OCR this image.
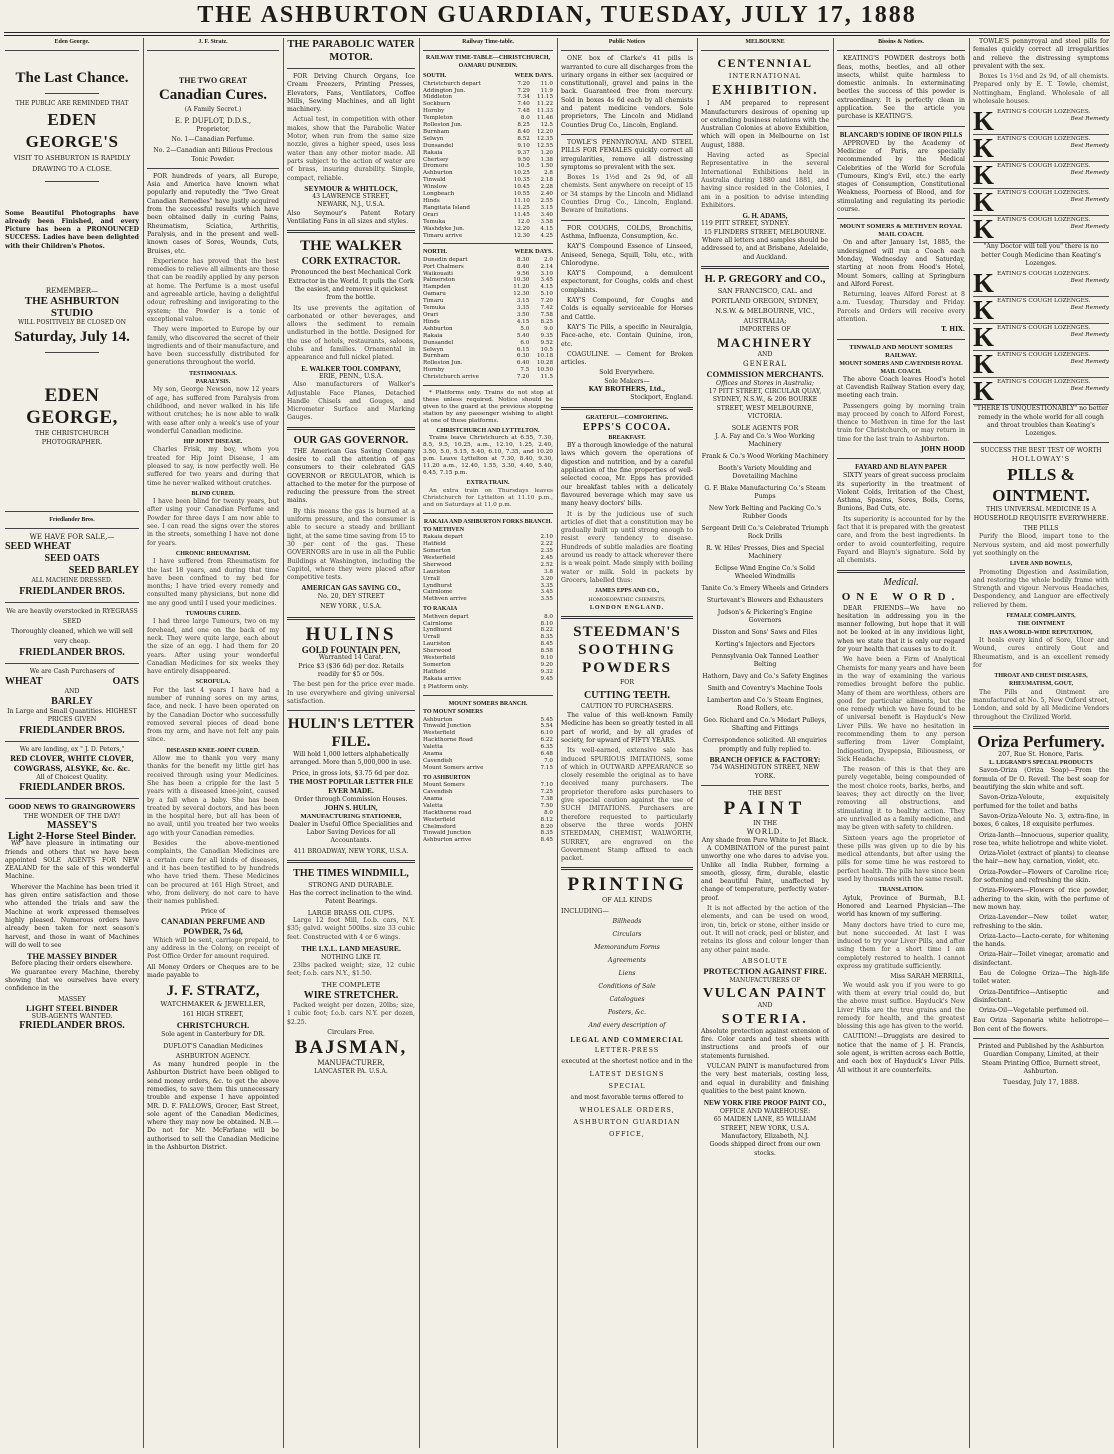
THE ASHBURTON GUARDIAN, TUESDAY, JULY 17, 1888
Eden George.
The Last Chance.
THE PUBLIC ARE REMINDED THAT
EDEN GEORGE'S
VISIT TO ASHBURTON IS RAPIDLY DRAWING TO A CLOSE.

Some Beautiful Photographs have already been Finished, and every Picture has been a PRONOUNCED SUCCESS. Ladies have been delighted with their Children's Photos.

REMEMBER—
THE ASHBURTON STUDIO
WILL POSITIVELY BE CLOSED ON
Saturday, July 14.
EDEN GEORGE,
THE CHRISTCHURCH PHOTOGRAPHER.
Friedlander Bros.
WE HAVE FOR SALE,—
SEED WHEAT
SEED OATS
SEED BARLEY
ALL MACHINE DRESSED.
FRIEDLANDER BROS.
We are heavily overstocked in RYEGRASS SEED
Thoroughly cleaned, which we will sell very cheap.
FRIEDLANDER BROS.
We are Cash Purchasers of
WHEAT	OATS
AND
BARLEY
In Large and Small Quantities. HIGHEST PRICES GIVEN
FRIEDLANDER BROS.
We are landing, ex " J. D. Peters,"
RED CLOVER, WHITE CLOVER, COWGRASS, ALSYKE, &c. &c.
All of Choicest Quality.
FRIEDLANDER BROS.
GOOD NEWS TO GRAINGROWERS
THE WONDER OF THE DAY!
MASSEY'S
Light 2-Horse Steel Binder.

We have pleasure in intimating our friends and others that we have been appointed SOLE AGENTS FOR NEW ZEALAND for the sale of this wonderful Machine.

Wherever the Machine has been tried it has given entire satisfaction and those who attended the trials and saw the Machine at work expressed themselves highly pleased. Numerous orders have already been taken for next season's harvest, and those in want of Machines will do well to see

THE MASSEY BINDER
Before placing their orders elsewhere.

We guarantee every Machine, thereby showing that we ourselves have every confidence in the

MASSEY
LIGHT STEEL BINDER
SUB-AGENTS WANTED.
FRIEDLANDER BROS.
J. F. Stratz.
THE TWO GREAT
Canadian Cures.
(A Family Secret.)
E. P. DUFLOT, D.D.S.,
Proprietor,
No. 1—Canadian Perfume.
No. 2—Canadian anti Bilious Precious Tonic Powder.

FOR hundreds of years, all Europe, Asia and America have known what popularly and reputedly the "Two Great Canadian Remedies" have justly acquired from the successful results which have been obtained daily in curing Pains, Rheumatism, Sciatica, Arthritis, Paralysis, and in the present and well-known cases of Sores, Wounds, Cuts, Bruises, etc.

Experience has proved that the best remedies to relieve all ailments are those that can be readily applied by any person at home. The Perfume is a most useful and agreeable article, having a delightful odour, refreshing and invigorating to the system; the Powder is a tonic of exceptional value.

They were imported to Europe by our family, who discovered the secret of their ingredients and of their manufacture, and have been successfully distributed for generations throughout the world.

TESTIMONIALS.
PARALYSIS.

My son, George Newson, now 12 years of age, has suffered from Paralysis from childhood, and never walked in his life without crutches; he is now able to walk with ease after only a week's use of your wonderful Canadian medicine.

HIP JOINT DISEASE.

Charles Frisk, my boy, whom you treated for Hip Joint Disease, I am pleased to say, is now perfectly well. He suffered for two years and during that time he never walked without crutches.

BLIND CURED.

I have been blind for twenty years, but after using your Canadian Perfume and Powder for three days I am now able to see. I can read the signs over the stores in the streets, something I have not done for years.

CHRONIC RHEUMATISM.

I have suffered from Rheumatism for the last 18 years, and during that time have been confined to my bed for months; I have tried every remedy and consulted many physicians, but none did me any good until I used your medicines.

TUMOURS CURED.

I had three large Tumours, two on my forehead, and one on the back of my neck. They were quite large, each about the size of an egg. I had them for 20 years. After using your wonderful Canadian Medicines for six weeks they have entirely disappeared.

SCROFULA.

For the last 4 years I have had a number of running sores on my arms, face, and neck. I have been operated on by the Canadian Doctor who successfully removed several pieces of dead bone from my arm, and have not felt any pain since.

DISEASED KNEE-JOINT CURED.

Allow me to thank you very many thanks for the benefit my little girl has received through using your Medicines. She has been a cripple for the last 5 years with a diseased knee-joint, caused by a fall when a baby. She has been treated by several doctors, and has been in the hospital here, but all has been of no avail, until you treated her two weeks ago with your Canadian remedies.

Besides the above-mentioned complaints, the Canadian Medicines are a certain cure for all kinds of diseases, and it has been testified to by hundreds who have tried them. These Medicines can be procured at 161 High Street, and who, from delivery, do not care to have their names published.

Price of
CANADIAN PERFUME AND POWDER, 7s 6d,

Which will be sent, carriage prepaid, to any address in the Colony, on receipt of Post Office Order for amount required.

All Money Orders or Cheques are to be made payable to

J. F. STRATZ,
WATCHMAKER & JEWELLER,
161 HIGH STREET,
CHRISTCHURCH.
Sole agent in Canterbury for DR. DUFLOT'S Canadian Medicines
ASHBURTON AGENCY.

As many hundred people in the Ashburton District have been obliged to send money orders, &c. to get the above remedies, to save them this unnecessary trouble and expense I have appointed MR. D. F. FALLOWS, Grocer, East Street, sole agent of the Canadian Medicines, where they may now be obtained. N.B.—Do not for Mr. McFarlane will be authorised to sell the Canadian Medicine in the Ashburton District.

THE PARABOLIC WATER MOTOR.

FOR Driving Church Organs, Ice Cream Freezers, Printing Presses, Elevators, Fans, Ventilators, Coffee Mills, Sewing Machines, and all light machinery.

Actual test, in competition with other makes, show that the Parabolic Water Motor, when run from the same size nozzle, gives a higher speed, uses less water than any other motor made. All parts subject to the action of water are of brass, insuring durability. Simple, compact, reliable.

SEYMOUR & WHITLOCK,
43 LAWRENCE STREET,
NEWARK, N.J., U.S.A.

Also Seymour's Patent Rotary Ventilating Fans in all sizes and styles.

THE WALKER
CORK EXTRACTOR.

Pronounced the best Mechanical Cork Extractor in the World. It pulls the Cork the easiest, and removes it quickest from the bottle.

Its use prevents the agitation of carbonated or other beverages, and allows the sediment to remain undisturbed in the bottle. Designed for the use of hotels, restaurants, saloons, clubs and families. Ornamental in appearance and full nickel plated.

E. WALKER TOOL COMPANY,
ERIE, PENN., U.S.A.

Also manufacturers of Walker's Adjustable Face Planes, Detached Handle Chisels and Gouges, and Micrometer Surface and Marking Gauges.

OUR GAS GOVERNOR.

THE American Gas Saving Company desire to call the attention of gas consumers to their celebrated GAS GOVERNOR or REGULATOR, which is attached to the meter for the purpose of reducing the pressure from the street mains.

By this means the gas is burned at a uniform pressure, and the consumer is able to secure a steady and brilliant light, at the same time saving from 15 to 30 per cent of the gas. These GOVERNORS are in use in all the Public Buildings at Washington, including the Capitol, where they were placed after competitive tests.

AMERICAN GAS SAVING CO.,
No. 20, DEY STREET
NEW YORK , U.S.A.
HULINS
GOLD FOUNTAIN PEN,
Warranted 14 Carat.

Price $3 ($36 6d) per doz. Retails readily for $5 or 50s.

The best pen for the price ever made. In use everywhere and giving universal satisfaction.

HULIN'S LETTER FILE.

Will hold 1,000 letters alphabetically arranged. More than 5,000,000 in use.

Price, in gross lots, $3.75 6d per doz.
THE MOST POPULAR LETTER FILE EVER MADE.
Order through Commission Houses.
JOHN S. HULIN,
MANUFACTURING STATIONER,

Dealer in Useful Office Specialities and Labor Saving Devices for all Accountants.

411 BROADWAY, NEW YORK, U.S.A.
THE TIMES WINDMILL,
STRONG AND DURABLE.

Has the correct inclination to the wind. Patent Bearings.

LARGE BRASS OIL CUPS.

Large 12 foot Mill, f.o.b. cars, N.Y. $35; galvd. weight 500lbs. size 33 cubic feet. Constructed with 4 or 6 wings.

THE I.X.L. LAND MEASURE.
NOTHING LIKE IT.

23lbs packed weight; size, 12 cubic feet; f.o.b. cars N.Y., $1.50.

THE COMPLETE
WIRE STRETCHER.

Packed weight per dozen, 20lbs; size, 1 cubic foot; f.o.b. cars N.Y. per dozen, $2.25.

Circulars Free.
BAJSMAN,
MANUFACTURER,
LANCASTER PA. U.S.A.
Railway Time-table.
RAILWAY TIME-TABLE—CHRISTCHURCH, OAMARU DUNEDIN.
SOUTH.	WEEK DAYS.
Christchurch depart	7.20	11.0
Addington Jun.	7.29	11.9
Middleton	7.34	11.15
Sockburn	7.40	11.22
Hornby	7.48	11.33
Templeton	8.0	11.46
Rolleston Jun.	8.25	12.5
Burnham	8.40	12.20
Selwyn	8.52	12.35
Dunsandel	9.10	12.55
Rakaia	9.37	1.20
Chertsey	9.50	1.38
Dromore	10.5	1.50
Ashburton	10.25	2.8
Tinwald	10.35	2.18
Winslow	10.45	2.28
Longbeach	10.55	2.40
Hinds	11.10	2.55
Rangitata Island	11.25	3.15
Orari	11.45	3.40
Temuka	12.0	3.58
Washdyke Jun.	12.20	4.15
Timaru arrive	12.30	4.25
NORTH.	WEEK DAYS.
Dunedin depart	8.30	2.0
Port Chalmers	8.40	2.14
Waikouaiti	9.56	3.10
Palmerston	10.30	3.45
Hampden	11.20	4.15
Oamaru	12.30	5.10
Timaru	3.15	7.20
Temuka	3.35	7.42
Orari	3.50	7.58
Hinds	4.15	8.25
Ashburton	5.0	9.0
Rakaia	5.40	9.35
Dunsandel	6.0	9.52
Selwyn	6.15	10.5
Burnham	6.30	10.18
Rolleston Jun.	6.40	10.28
Hornby	7.5	10.50
Christchurch arrive	7.20	11.5

* Platforms only. Trains do not stop at these unless required. Notice should be given to the guard at the previous stopping station by any passenger wishing to alight at one of these platforms.

CHRISTCHURCH AND LYTTELTON.

Trains leave Christchurch at 6.55, 7.30, 8.5, 9.5, 10.25, a.m., 12.10, 1.25, 2.40, 3.50, 5.0, 5.15, 5.40, 6.10, 7.35, and 10.20 p.m. Leave Lyttelton at 7.30, 8.40, 9.30, 11.20 a.m., 12.40, 1.55, 3.30, 4.40, 5.40, 6.45, 7.15 p.m.

EXTRA TRAIN.

An extra train on Thursdays leaves Christchurch for Lyttelton at 11.10 p.m., and on Saturdays at 11.0 p.m.

RAKAIA AND ASHBURTON FORKS BRANCH.
TO METHVEN
Rakaia depart	2.10
Hatfield	2.22
Somerton	2.35
Westerfield	2.45
Sherwood	2.52
Lauriston	3.8
Urrall	3.20
Lyndhurst	3.35
Cairnlome	3.45
Methven arrive	3.55
TO RAKAIA
Methven depart	8.0
Cairnlome	8.10
Lyndhurst	8.22
Urrall	8.35
Lauriston	8.45
Sherwood	8.58
Westerfield	9.10
Somerton	9.20
Hatfield	9.32
Rakaia arrive	9.45
‡ Platform only.
MOUNT SOMERS BRANCH.
TO MOUNT SOMERS
Ashburton	5.45
Tinwald Junction	5.54
Westerfield	6.10
Hackthorne Road	6.22
Valetta	6.35
Anama	6.48
Cavendish	7.0
Mount Somers arrive	7.15
TO ASHBURTON
Mount Somers	7.10
Cavendish	7.25
Anama	7.38
Valetta	7.50
Hackthorne road	8.0
Westerfield	8.12
Chelmsford	8.20
Tinwald Junction	8.35
Ashburton arrive	8.45
Public Notices

ONE box of Clarke's 41 pills is warranted to cure all discharges from the urinary organs in either sex (acquired or constitutional), gravel and pains in the back. Guaranteed free from mercury. Sold in boxes 4s 6d each by all chemists and patent medicine vendors. Sole proprietors, The Lincoln and Midland Counties Drug Co., Lincoln, England.

TOWLE'S PENNYROYAL AND STEEL PILLS FOR FEMALES quickly correct all irregularities, remove all distressing symptoms so prevalent with the sex.

Boxes 1s 1½d and 2s 9d, of all chemists. Sent anywhere on receipt of 15 or 34 stamps by the Lincoln and Midland Counties Drug Co., Lincoln, England. Beware of Imitations.

FOR COUGHS, COLDS, Bronchitis, Asthma, Influenza, Consumption, &c.

KAY'S Compound Essence of Linseed, Aniseed, Senega, Squill, Tolu, etc., with Chlorodyne.

KAY'S Compound, a demulcent expectorant, for Coughs, colds and chest complaints.

KAY'S Compound, for Coughs and Colds is equally serviceable for Horses and Cattle.

KAY'S Tic Pills, a specific in Neuralgia, Face-ache, etc. Contain Quinine, iron, etc.

COAGULINE. — Cement for Broken articles.

Sold Everywhere.
Sole Makers—
KAY BROTHERS, Ltd.,
Stockport, England.
GRATEFUL—COMFORTING.
EPPS'S COCOA.
BREAKFAST.

BY a thorough knowledge of the natural laws which govern the operations of digestion and nutrition, and by a careful application of the fine properties of well-selected cocoa, Mr. Epps has provided our breakfast tables with a delicately flavoured beverage which may save us many heavy doctors' bills.

It is by the judicious use of such articles of diet that a constitution may be gradually built up until strong enough to resist every tendency to disease. Hundreds of subtle maladies are floating around us ready to attack wherever there is a weak point. Made simply with boiling water or milk. Sold in packets by Grocers, labelled thus:

JAMES EPPS AND CO.,
HOMOEOPATHIC CHEMISTS,
LONDON ENGLAND.
STEEDMAN'S
SOOTHING
POWDERS
FOR
CUTTING TEETH.
CAUTION TO PURCHASERS.

The value of this well-known Family Medicine has been so greatly tested in all part of world, and by all grades of society, for upward of FIFTY YEARS.

Its well-earned, extensive sale has induced SPURIOUS IMITATIONS, some of which in OUTWARD APPEARANCE so closely resemble the original as to have deceived many purchasers. The proprietor therefore asks purchasers to give special caution against the use of SUCH IMITATIONS. Purchasers are therefore requested to particularly observe the three words JOHN STEEDMAN, CHEMIST, WALWORTH, SURREY, are engraved on the Government Stamp affixed to each packet.

PRINTING
OF ALL KINDS
INCLUDING—
Billheads
Circulars
Memorandum Forms
Agreements
Liens
Conditions of Sale
Catalogues
Posters, &c.
And every description of
LEGAL AND COMMERCIAL
LETTER-PRESS
executed at the shortest notice and in the
LATEST DESIGNS
SPECIAL
and most favorable terms offered to
WHOLESALE ORDERS,
ASHBURTON GUARDIAN
OFFICE,
MELBOURNE
CENTENNIAL
INTERNATIONAL
EXHIBITION.

I AM prepared to represent Manufacturers desirous of opening up or extending business relations with the Australian Colonies at above Exhibition, which will open in Melbourne on 1st August, 1888.

Having acted as Special Representative in the several International Exhibitions held in Australia during 1880 and 1881, and having since resided in the Colonies, I am in a position to advise intending Exhibitors.

G. H. ADAMS,
119 PITT STREET, SYDNEY.
15 FLINDERS STREET, MELBOURNE.

Where all letters and samples should be addressed to, and at Brisbane, Adelaide, and Auckland.

H. P. GREGORY and CO.,
SAN FRANCISCO, CAL. and PORTLAND OREGON, SYDNEY, N.S.W. & MELBOURNE, VIC., AUSTRALIA;
IMPORTERS OF
MACHINERY
AND
GENERAL
COMMISSION MERCHANTS.
Offices and Stores in Australia;

17 PITT STREET, CIRCULAR QUAY, SYDNEY, N.S.W., & 206 BOURKE STREET, WEST MELBOURNE, VICTORIA.

SOLE AGENTS FOR
J. A. Fay and Co.'s Woo Working Machinery
Frank & Co.'s Wood Working Machinery
Booth's Variety Moulding and Dovetailing Machine
G. F. Blake Manufacturing Co.'s Steam Pumps
New York Belting and Packing Co.'s Rubber Goods
Sergeant Drill Co.'s Celebrated Triumph Rock Drills
R. W. Hiles' Presses, Dies and Special Machinery
Eclipse Wind Engine Co.'s Solid Wheeled Windmills
Tanite Co.'s Emery Wheels and Grinders
Sturtevant's Blowers and Exhausters
Judson's & Pickering's Engine Governors
Disston and Sons' Saws and Files
Korting's Injectors and Ejectors
Pennsylvania Oak Tanned Leather Belting
Hathorn, Davy and Co.'s Safety Engines
Smith and Coventry's Machine Tools
Lamberton and Co.'s Steam Engines, Road Rollers, etc.
Geo. Richard and Co.'s Medart Pulleys, Shafting and Fittings

Correspondence solicited. All enquiries promptly and fully replied to.

BRANCH OFFICE & FACTORY:
754 WASHINGTON STREET, NEW YORK.
THE BEST
PAINT
IN THE
WORLD.
Any shade from Pure White to Jet Black.

A COMBINATION of the purest paint unworthy one who dares to advise you. Unlike all India Rubber, forming a smooth, glossy, firm, durable, elastic and beautiful Paint, unaffected by change of temperature, perfectly water-proof.

It is not affected by the action of the elements, and can be used on wood, iron, tin, brick or stone, either inside or out. It will not crack, peel or blister, and retains its gloss and colour longer than any other paint made.

ABSOLUTE
PROTECTION AGAINST FIRE.
MANUFACTURERS OF
VULCAN PAINT
AND
SOTERIA.

Absolute protection against extension of fire. Color cards and test sheets with instructions and proofs of our statements furnished.

VULCAN PAINT is manufactured from the very best materials, costing less, and equal in durability and finishing qualities to the best paint known.

NEW YORK FIRE PROOF PAINT CO.,
OFFICE AND WAREHOUSE:
65 MAIDEN LANE, 85 WILLIAM STREET, NEW YORK, U.S.A.
Manufactory, Elizabeth, N.J.
Goods shipped direct from our own stocks.
Bissins & Notices.

KEATING'S POWDER destroys both fleas, moths, beetles, and all other insects, whilst quite harmless to domestic animals. In exterminating beetles the success of this powder is extraordinary. It is perfectly clean in application. See the article you purchase is KEATING'S.

BLANCARD'S IODINE OF IRON PILLS

APPROVED by the Academy of Medicine of Paris, are specially recommended by the Medical Celebrities of the World for Scrofula (Tumours, King's Evil, etc.) the early stages of Consumption, Constitutional Weakness, Poorness of Blood, and for stimulating and regulating its periodic course.

MOUNT SOMERS & METHVEN ROYAL MAIL COACH.

On and after January 1st, 1885, the undersigned will run a Coach each Monday, Wednesday and Saturday, starting at noon from Hood's Hotel, Mount Somers, calling at Springburn and Alford Forest.

Returning, leaves Alford Forest at 8 a.m. Tuesday, Thursday and Friday. Parcels and Orders will receive every attention.

T. HIX.
TINWALD AND MOUNT SOMERS RAILWAY.
MOUNT SOMERS AND CAVENDISH ROYAL MAIL COACH.

The above Coach leaves Hood's hotel at Cavendish Railway Station every day, meeting each train.

Passengers going by morning train may proceed by coach to Alford Forest, thence to Methven in time for the last train for Christchurch, or may return in time for the last train to Ashburton.

JOHN HOOD
FAYARD AND BLAYN PAPER

SIXTY years of great success proclaim its superiority in the treatment of Violent Colds, Irritation of the Chest, Asthma, Spasms, Sores, Boils, Corns, Bunions, Bad Cuts, etc.

Its superiority is accounted for by the fact that it is prepared with the greatest care, and from the best ingredients. In order to avoid counterfeiting, require Fayard and Blayn's signature. Sold by all chemists.

Medical.
ONE WORD.

DEAR FRIENDS—We have no hesitation in addressing you in the manner following, but hope that it will not be looked at in any invidious light, when we state that it is only our regard for your health that causes us to do it.

We have been a Firm of Analytical Chemists for many years and have been in the way of examining the various remedies brought before the public. Many of them are worthless, others are good for particular ailments, but the one remedy which we have found to be of universal benefit is Hayduck's New Liver Pills. We have no hesitation in recommending them to any person suffering from Liver Complaint, Indigestion, Dyspepsia, Biliousness, or Sick Headache.

The reason of this is that they are purely vegetable, being compounded of the most choice roots, barks, herbs, and leaves; they act directly on the liver, removing all obstructions, and stimulating it to healthy action. They are unrivalled as a family medicine, and may be given with safety to children.

Sixteen years ago the proprietor of these pills was given up to die by his medical attendants, but after using the pills for some time he was restored to perfect health. The pills have since been used by thousands with the same result.

TRANSLATION.

Ayluk, Province of Burmah, B.I. Honored and Learned Physician—The world has known of my suffering.

Many doctors have tried to cure me, but none succeeded. At last I was induced to try your Liver Pills, and after using them for a short time I am completely restored to health. I cannot express my gratitude sufficiently.

Miss SARAH MERRILL,

We would ask you if you were to go with them at every trial could do, but the above must suffice. Hayduck's New Liver Pills are the true grains and the remedy for health, and the greatest blessing this age has given to the world.

CAUTION!—Druggists are desired to notice that the name of J. H. Francis, sole agent, is written across each Bottle, and each box of Hayduck's Liver Pills. All without it are counterfeits.

TOWLE'S pennyroyal and steel pills for females quickly correct all irregularities and relieve the distressing symptoms prevalent with the sex.

Boxes 1s 1½d and 2s 9d, of all chemists. Prepared only by E. T. Towle, chemist, Nottingham, England. Wholesale of all wholesale houses.

K EATING'S COUGH LOZENGES.
Best Remedy
K EATING'S COUGH LOZENGES.
Best Remedy
K EATING'S COUGH LOZENGES.
Best Remedy
K EATING'S COUGH LOZENGES.
Best Remedy
K EATING'S COUGH LOZENGES.
Best Remedy

"Any Doctor will tell you" there is no better Cough Medicine than Keating's Lozenges.

K EATING'S COUGH LOZENGES.
Best Remedy
K EATING'S COUGH LOZENGES.
Best Remedy
K EATING'S COUGH LOZENGES.
Best Remedy
K EATING'S COUGH LOZENGES.
Best Remedy
K EATING'S COUGH LOZENGES.
Best Remedy

"THERE IS UNQUESTIONABLY" no better remedy in the whole world for all cough and throat troubles than Keating's Lozenges.

SUCCESS THE BEST TEST OF WORTH
HOLLOWAY'S
PILLS & OINTMENT.

THIS UNIVERSAL MEDICINE IS A HOUSEHOLD REQUISITE EVERYWHERE.

THE PILLS

Purify the Blood, impart tone to the Nervous system, and aid most powerfully yet soothingly on the

LIVER AND BOWELS,

Promoting Digestion and Assimilation, and restoring the whole bodily frame with Strength and vigour. Nervous Headaches, Despondency, and Languor are effectively relieved by them.

FEMALE COMPLAINTS,
THE OINTMENT
HAS A WORLD-WIDE REPUTATION,

It heals every kind of Sore, Ulcer and Wound, cures entirely Gout and Rheumatism, and is an excellent remedy for

THROAT AND CHEST DISEASES,
RHEUMATISM, GOUT,

The Pills and Ointment are manufactured at No. 5, New Oxford street, London, and sold by all Medicine Vendors throughout the Civilized World.

Oriza Perfumery.
207, Rue St. Honore, Paris.
L. LEGRAND'S SPECIAL PRODUCTS

Savon-Oriza (Oriza Soap)—From the formula of Dr O. Reveil. The best soap for beautifying the skin white and soft.

Savon-Oriza-Veloute, exquisitely perfumed for the toilet and baths

Savon-Oriza-Veloute No. 3, extra-fine, in boxes, 6 cakes, 18 exquisite perfumes.

Oriza-Ianth—Innocuous, superior quality, rose tea, white heliotrope and white violet.

Oriza-Violet (extract of plants) to cleanse the hair—new hay, carnation, violet, etc.

Oriza-Powder—Flowers of Caroline rice; for softening and refreshing the skin.

Oriza-Flowers—Flowers of rice powder, adhering to the skin, with the perfume of new mown hay.

Oriza-Lavender—New toilet water, refreshing to the skin.

Oriza-Lacto—Lacto-cerate, for whitening the hands.

Oriza-Hair—Toilet vinegar, aromatic and disinfectant.

Eau de Cologne Oriza—The high-life toilet water.

Oriza-Dentifrice—Antiseptic and disinfectant.

Oriza-Oil—Vegetable perfumed oil.

Eau Oriza Saponaria white heliotrope—Bon cent of the flowers.

Printed and Published by the Ashburton Guardian Company, Limited, at their Steam Printing Office, Burnett street, Ashburton.

Tuesday, July 17, 1888.
